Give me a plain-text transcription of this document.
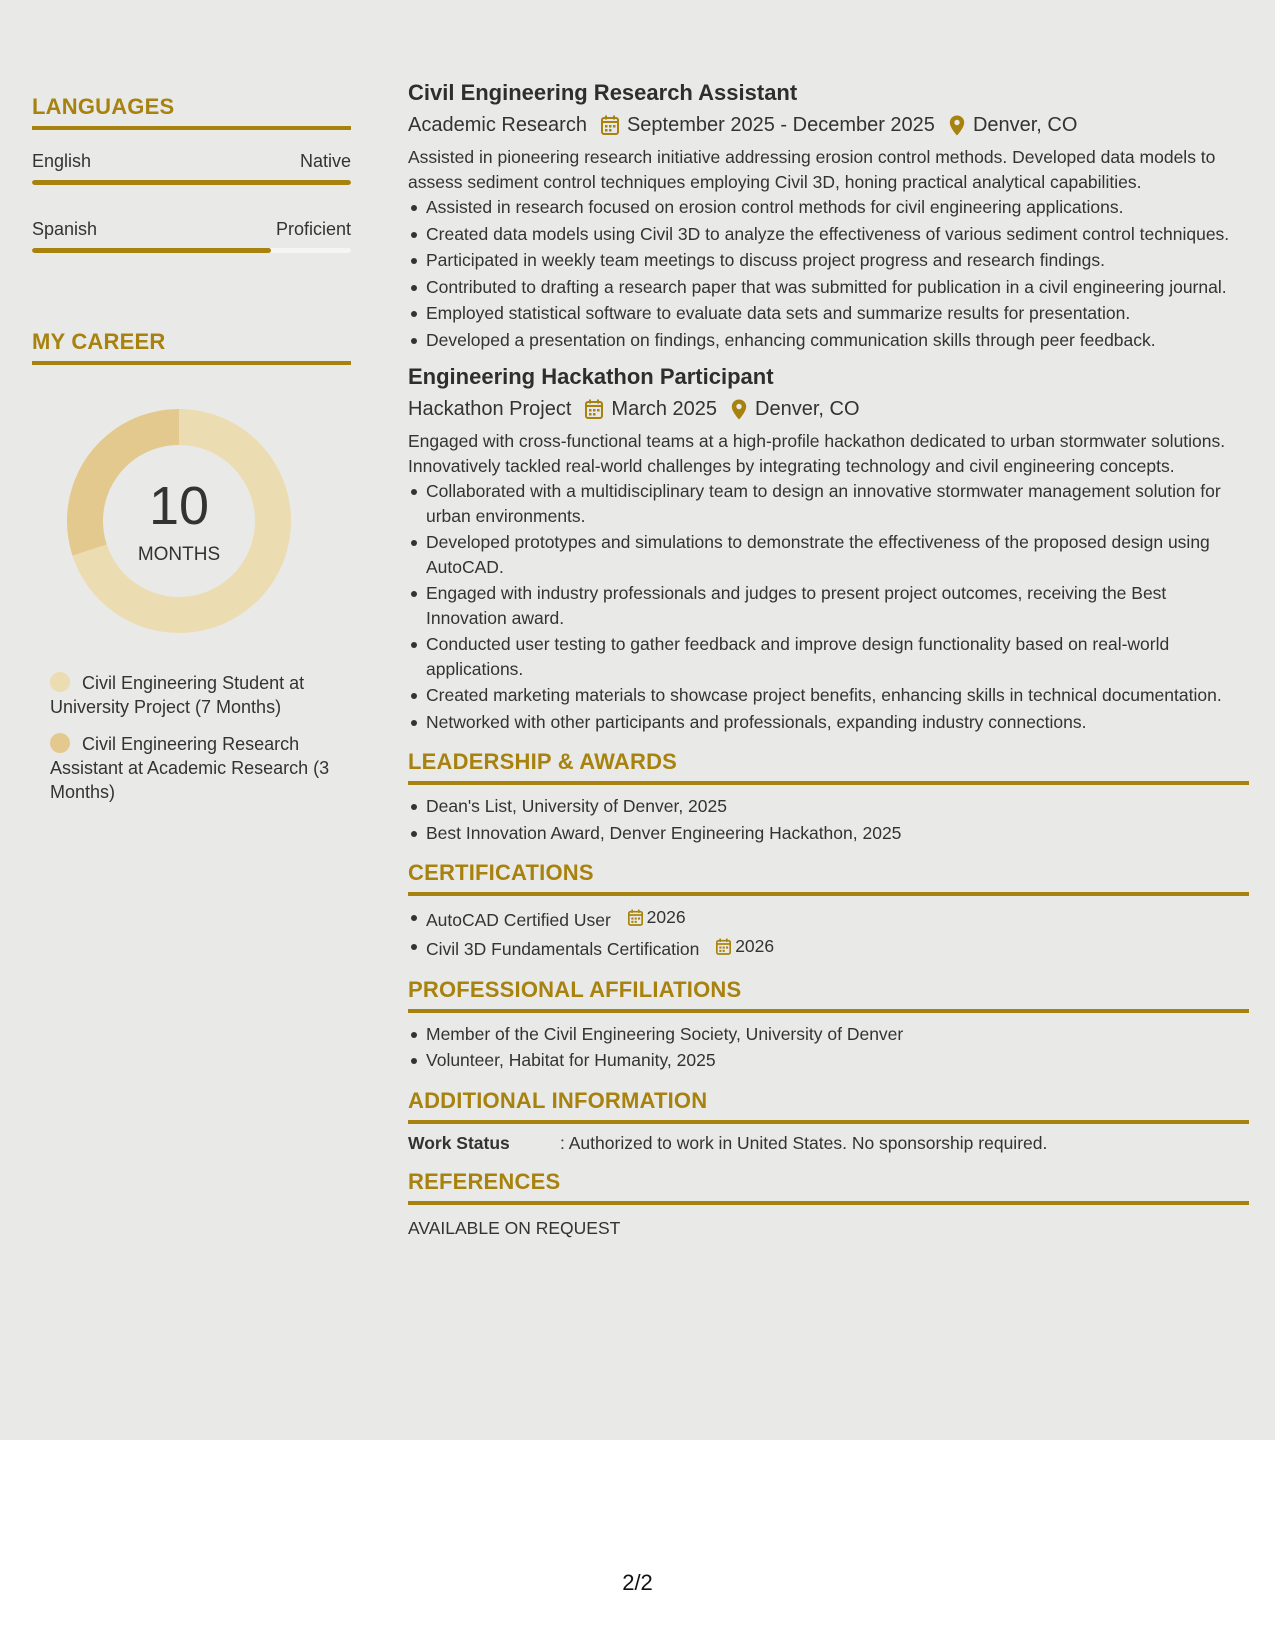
LANGUAGES
English	Native
Spanish	Proficient
MY CAREER
10
MONTHS
Civil Engineering Student at University Project (7 Months)
Civil Engineering Research Assistant at Academic Research (3 Months)
Civil Engineering Research Assistant
Academic Research September 2025 - December 2025 Denver, CO
Assisted in pioneering research initiative addressing erosion control methods. Developed data models to assess sediment control techniques employing Civil 3D, honing practical analytical capabilities.
Assisted in research focused on erosion control methods for civil engineering applications.
Created data models using Civil 3D to analyze the effectiveness of various sediment control techniques.
Participated in weekly team meetings to discuss project progress and research findings.
Contributed to drafting a research paper that was submitted for publication in a civil engineering journal.
Employed statistical software to evaluate data sets and summarize results for presentation.
Developed a presentation on findings, enhancing communication skills through peer feedback.
Engineering Hackathon Participant
Hackathon Project March 2025 Denver, CO
Engaged with cross-functional teams at a high-profile hackathon dedicated to urban stormwater solutions. Innovatively tackled real-world challenges by integrating technology and civil engineering concepts.
Collaborated with a multidisciplinary team to design an innovative stormwater management solution for urban environments.
Developed prototypes and simulations to demonstrate the effectiveness of the proposed design using AutoCAD.
Engaged with industry professionals and judges to present project outcomes, receiving the Best Innovation award.
Conducted user testing to gather feedback and improve design functionality based on real-world applications.
Created marketing materials to showcase project benefits, enhancing skills in technical documentation.
Networked with other participants and professionals, expanding industry connections.
LEADERSHIP & AWARDS
Dean's List, University of Denver, 2025
Best Innovation Award, Denver Engineering Hackathon, 2025
CERTIFICATIONS
AutoCAD Certified User 2026
Civil 3D Fundamentals Certification 2026
PROFESSIONAL AFFILIATIONS
Member of the Civil Engineering Society, University of Denver
Volunteer, Habitat for Humanity, 2025
ADDITIONAL INFORMATION
Work Status	: Authorized to work in United States. No sponsorship required.
REFERENCES
AVAILABLE ON REQUEST
2/2
